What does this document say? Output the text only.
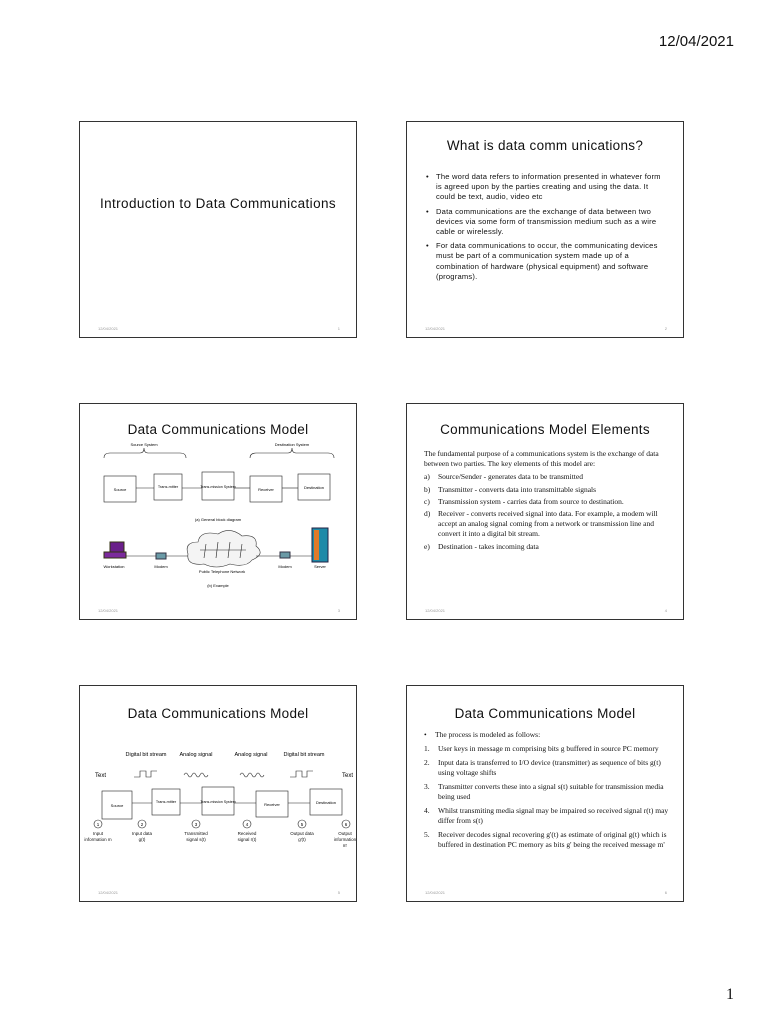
12/04/2021
Introduction to Data Communications
12/04/2021	1
What is data comm unications?
• The word data refers to information presented in whatever form is agreed upon by the parties creating and using the data. It could be text, audio, video etc
• Data communications are the exchange of data between two devices via some form of transmission medium such as a wire cable or wirelessly.
• For data communications to occur, the communicating devices must be part of a communication system made up of a combination of hardware (physical equipment) and software (programs).
12/04/2021	2
Data Communications Model
Source System	Destination System
Source	Trans-mitter	Trans-mission System	Receiver	Destination
(a) General block diagram
Workstation	Modem
Public Telephone Network
Modem	Server
(b) Example
12/04/2021	3
Communications Model Elements
The fundamental purpose of a communications system is the exchange of data between two parties. The key elements of this model are:
a) Source/Sender - generates data to be transmitted
b) Transmitter - converts data into transmittable signals
c) Transmission system - carries data from source to destination.
d) Receiver - converts received signal into data. For example, a modem will accept an analog signal coming from a network or transmission line and convert it into a digital bit stream.
e) Destination - takes incoming data
12/04/2021	4
Data Communications Model
Digital bit stream Analog signal	Analog signal	Digital bit stream
Text	Text
Source
Trans-mitter	Trans-mission System	Receiver	Destination
1	2	3	4	5	6
Input information m
Input data g(t)
Transmitted signal s(t)
Received signal r(t)
Output data g'(t)
Output information m'
12/04/2021	5
Data Communications Model
• The process is modeled as follows:
1. User keys in message m comprising bits g buffered in source PC memory
2. Input data is transferred to I/O device (transmitter) as sequence of bits g(t) using voltage shifts
3. Transmitter converts these into a signal s(t) suitable for transmission media being used
4. Whilst transmiting media signal may be impaired so received signal r(t) may differ from s(t)
5. Receiver decodes signal recovering g'(t) as estimate of original g(t) which is buffered in destination PC memory as bits g' being the received message m'
12/04/2021	6
1
